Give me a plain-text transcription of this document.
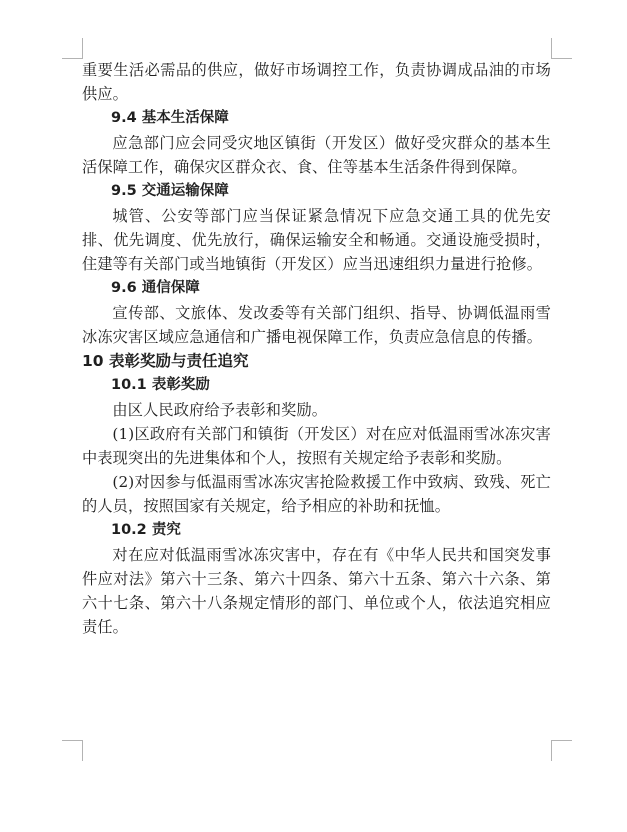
重要生活必需品的供应，做好市场调控工作，负责协调成品油的市场供应。

9.4 基本生活保障

应急部门应会同受灾地区镇街（开发区）做好受灾群众的基本生活保障工作，确保灾区群众衣、食、住等基本生活条件得到保障。

9.5 交通运输保障

城管、公安等部门应当保证紧急情况下应急交通工具的优先安排、优先调度、优先放行，确保运输安全和畅通。交通设施受损时，住建等有关部门或当地镇街（开发区）应当迅速组织力量进行抢修。

9.6 通信保障

宣传部、文旅体、发改委等有关部门组织、指导、协调低温雨雪冰冻灾害区域应急通信和广播电视保障工作，负责应急信息的传播。

10 表彰奖励与责任追究

10.1 表彰奖励

由区人民政府给予表彰和奖励。

(1)区政府有关部门和镇街（开发区）对在应对低温雨雪冰冻灾害中表现突出的先进集体和个人，按照有关规定给予表彰和奖励。

(2)对因参与低温雨雪冰冻灾害抢险救援工作中致病、致残、死亡的人员，按照国家有关规定，给予相应的补助和抚恤。

10.2 责究

对在应对低温雨雪冰冻灾害中，存在有《中华人民共和国突发事件应对法》第六十三条、第六十四条、第六十五条、第六十六条、第六十七条、第六十八条规定情形的部门、单位或个人，依法追究相应责任。
